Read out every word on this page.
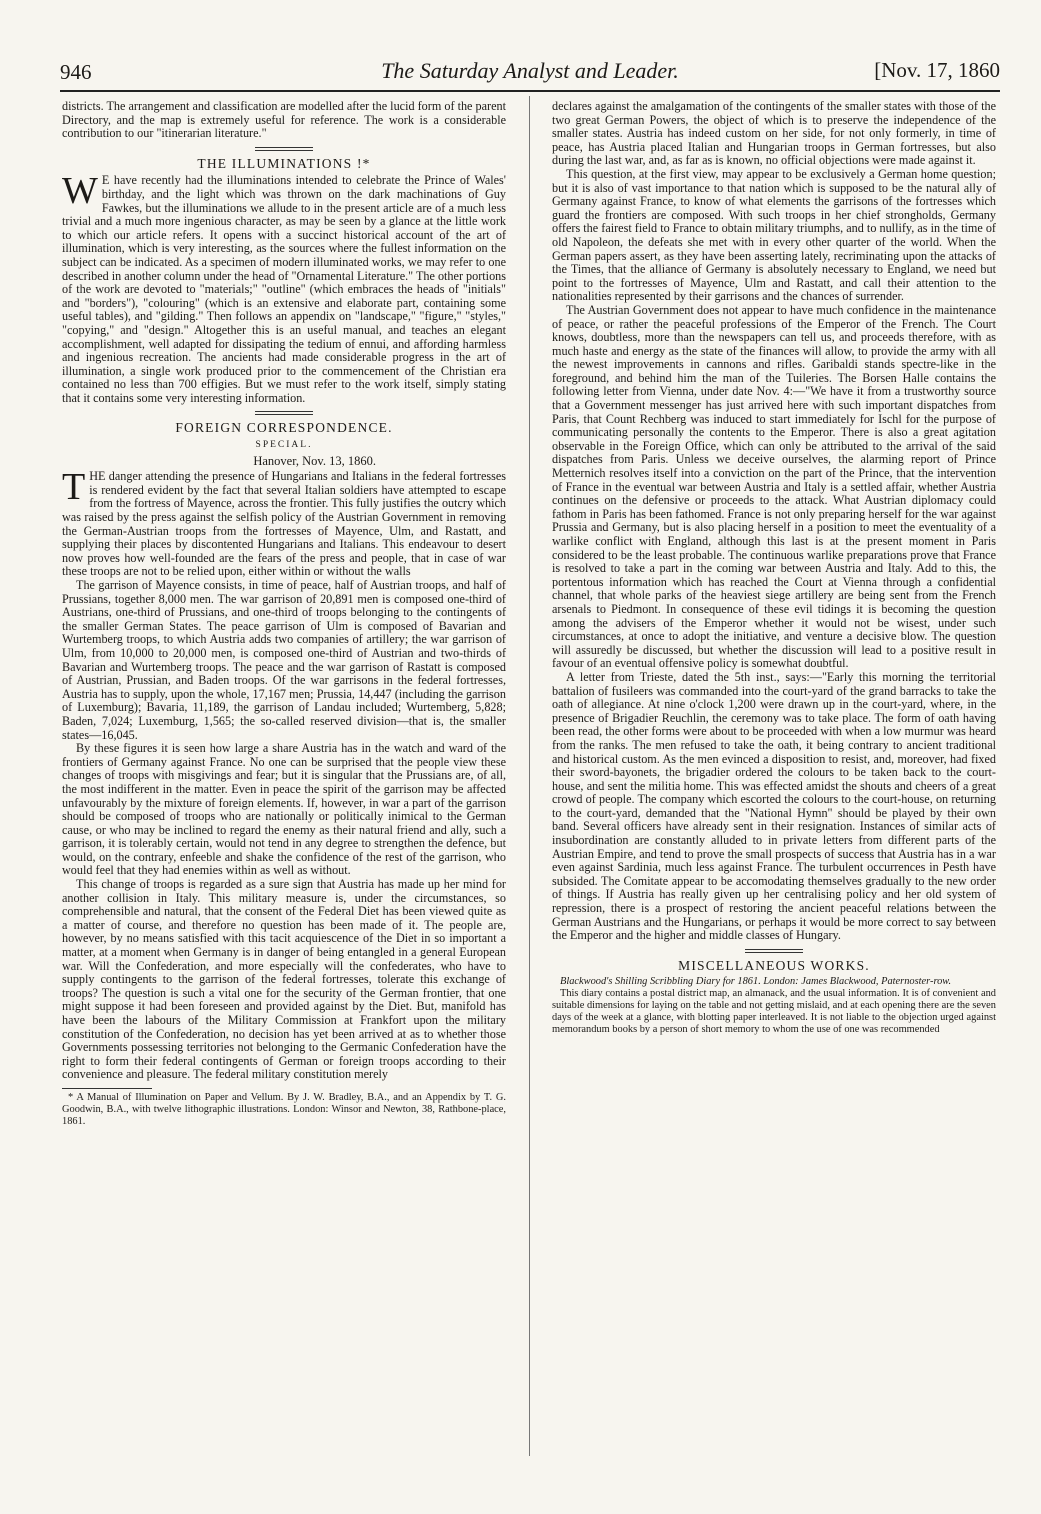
946	The Saturday Analyst and Leader.	[Nov. 17, 1860

districts. The arrangement and classification are modelled after the lucid form of the parent Directory, and the map is extremely useful for reference. The work is a considerable contribution to our "itinerarian literature."

THE ILLUMINATIONS !*

W E have recently had the illuminations intended to celebrate the Prince of Wales' birthday, and the light which was thrown on the dark machinations of Guy Fawkes, but the illuminations we allude to in the present article are of a much less trivial and a much more ingenious character, as may be seen by a glance at the little work to which our article refers. It opens with a succinct historical account of the art of illumination, which is very interesting, as the sources where the fullest information on the subject can be indicated. As a specimen of modern illuminated works, we may refer to one described in another column under the head of "Ornamental Literature." The other portions of the work are devoted to "materials;" "outline" (which embraces the heads of "initials" and "borders"), "colouring" (which is an extensive and elaborate part, containing some useful tables), and "gilding." Then follows an appendix on "landscape," "figure," "styles," "copying," and "design." Altogether this is an useful manual, and teaches an elegant accomplishment, well adapted for dissipating the tedium of ennui, and affording harmless and ingenious recreation. The ancients had made considerable progress in the art of illumination, a single work produced prior to the commencement of the Christian era contained no less than 700 effigies. But we must refer to the work itself, simply stating that it contains some very interesting information.

FOREIGN CORRESPONDENCE.
SPECIAL.
Hanover, Nov. 13, 1860.

THE danger attending the presence of Hungarians and Italians in the federal fortresses is rendered evident by the fact that several Italian soldiers have attempted to escape from the fortress of Mayence, across the frontier. This fully justifies the outcry which was raised by the press against the selfish policy of the Austrian Government in removing the German-Austrian troops from the fortresses of Mayence, Ulm, and Rastatt, and supplying their places by discontented Hungarians and Italians. This endeavour to desert now proves how well-founded are the fears of the press and people, that in case of war these troops are not to be relied upon, either within or without the walls

The garrison of Mayence consists, in time of peace, half of Austrian troops, and half of Prussians, together 8,000 men. The war garrison of 20,891 men is composed one-third of Austrians, one-third of Prussians, and one-third of troops belonging to the contingents of the smaller German States. The peace garrison of Ulm is composed of Bavarian and Wurtemberg troops, to which Austria adds two companies of artillery; the war garrison of Ulm, from 10,000 to 20,000 men, is composed one-third of Austrian and two-thirds of Bavarian and Wurtemberg troops. The peace and the war garrison of Rastatt is composed of Austrian, Prussian, and Baden troops. Of the war garrisons in the federal fortresses, Austria has to supply, upon the whole, 17,167 men; Prussia, 14,447 (including the garrison of Luxemburg); Bavaria, 11,189, the garrison of Landau included; Wurtemberg, 5,828; Baden, 7,024; Luxemburg, 1,565; the so-called reserved division—that is, the smaller states—16,045.

By these figures it is seen how large a share Austria has in the watch and ward of the frontiers of Germany against France. No one can be surprised that the people view these changes of troops with misgivings and fear; but it is singular that the Prussians are, of all, the most indifferent in the matter. Even in peace the spirit of the garrison may be affected unfavourably by the mixture of foreign elements. If, however, in war a part of the garrison should be composed of troops who are nationally or politically inimical to the German cause, or who may be inclined to regard the enemy as their natural friend and ally, such a garrison, it is tolerably certain, would not tend in any degree to strengthen the defence, but would, on the contrary, enfeeble and shake the confidence of the rest of the garrison, who would feel that they had enemies within as well as without.

This change of troops is regarded as a sure sign that Austria has made up her mind for another collision in Italy. This military measure is, under the circumstances, so comprehensible and natural, that the consent of the Federal Diet has been viewed quite as a matter of course, and therefore no question has been made of it. The people are, however, by no means satisfied with this tacit acquiescence of the Diet in so important a matter, at a moment when Germany is in danger of being entangled in a general European war. Will the Confederation, and more especially will the confederates, who have to supply contingents to the garrison of the federal fortresses, tolerate this exchange of troops? The question is such a vital one for the security of the German frontier, that one might suppose it had been foreseen and provided against by the Diet. But, manifold has have been the labours of the Military Commission at Frankfort upon the military constitution of the Confederation, no decision has yet been arrived at as to whether those Governments possessing territories not belonging to the Germanic Confederation have the right to form their federal contingents of German or foreign troops according to their convenience and pleasure. The federal military constitution merely

* A Manual of Illumination on Paper and Vellum. By J. W. Bradley, B.A., and an Appendix by T. G. Goodwin, B.A., with twelve lithographic illustrations. London: Winsor and Newton, 38, Rathbone-place, 1861.

declares against the amalgamation of the contingents of the smaller states with those of the two great German Powers, the object of which is to preserve the independence of the smaller states. Austria has indeed custom on her side, for not only formerly, in time of peace, has Austria placed Italian and Hungarian troops in German fortresses, but also during the last war, and, as far as is known, no official objections were made against it.

This question, at the first view, may appear to be exclusively a German home question; but it is also of vast importance to that nation which is supposed to be the natural ally of Germany against France, to know of what elements the garrisons of the fortresses which guard the frontiers are composed. With such troops in her chief strongholds, Germany offers the fairest field to France to obtain military triumphs, and to nullify, as in the time of old Napoleon, the defeats she met with in every other quarter of the world. When the German papers assert, as they have been asserting lately, recriminating upon the attacks of the Times, that the alliance of Germany is absolutely necessary to England, we need but point to the fortresses of Mayence, Ulm and Rastatt, and call their attention to the nationalities represented by their garrisons and the chances of surrender.

The Austrian Government does not appear to have much confidence in the maintenance of peace, or rather the peaceful professions of the Emperor of the French. The Court knows, doubtless, more than the newspapers can tell us, and proceeds therefore, with as much haste and energy as the state of the finances will allow, to provide the army with all the newest improvements in cannons and rifles. Garibaldi stands spectre-like in the foreground, and behind him the man of the Tuileries. The Borsen Halle contains the following letter from Vienna, under date Nov. 4:—"We have it from a trustworthy source that a Government messenger has just arrived here with such important dispatches from Paris, that Count Rechberg was induced to start immediately for Ischl for the purpose of communicating personally the contents to the Emperor. There is also a great agitation observable in the Foreign Office, which can only be attributed to the arrival of the said dispatches from Paris. Unless we deceive ourselves, the alarming report of Prince Metternich resolves itself into a conviction on the part of the Prince, that the intervention of France in the eventual war between Austria and Italy is a settled affair, whether Austria continues on the defensive or proceeds to the attack. What Austrian diplomacy could fathom in Paris has been fathomed. France is not only preparing herself for the war against Prussia and Germany, but is also placing herself in a position to meet the eventuality of a warlike conflict with England, although this last is at the present moment in Paris considered to be the least probable. The continuous warlike preparations prove that France is resolved to take a part in the coming war between Austria and Italy. Add to this, the portentous information which has reached the Court at Vienna through a confidential channel, that whole parks of the heaviest siege artillery are being sent from the French arsenals to Piedmont. In consequence of these evil tidings it is becoming the question among the advisers of the Emperor whether it would not be wisest, under such circumstances, at once to adopt the initiative, and venture a decisive blow. The question will assuredly be discussed, but whether the discussion will lead to a positive result in favour of an eventual offensive policy is somewhat doubtful.

A letter from Trieste, dated the 5th inst., says:—"Early this morning the territorial battalion of fusileers was commanded into the court-yard of the grand barracks to take the oath of allegiance. At nine o'clock 1,200 were drawn up in the court-yard, where, in the presence of Brigadier Reuchlin, the ceremony was to take place. The form of oath having been read, the other forms were about to be proceeded with when a low murmur was heard from the ranks. The men refused to take the oath, it being contrary to ancient traditional and historical custom. As the men evinced a disposition to resist, and, moreover, had fixed their sword-bayonets, the brigadier ordered the colours to be taken back to the court-house, and sent the militia home. This was effected amidst the shouts and cheers of a great crowd of people. The company which escorted the colours to the court-house, on returning to the court-yard, demanded that the "National Hymn" should be played by their own band. Several officers have already sent in their resignation. Instances of similar acts of insubordination are constantly alluded to in private letters from different parts of the Austrian Empire, and tend to prove the small prospects of success that Austria has in a war even against Sardinia, much less against France. The turbulent occurrences in Pesth have subsided. The Comitate appear to be accomodating themselves gradually to the new order of things. If Austria has really given up her centralising policy and her old system of repression, there is a prospect of restoring the ancient peaceful relations between the German Austrians and the Hungarians, or perhaps it would be more correct to say between the Emperor and the higher and middle classes of Hungary.

MISCELLANEOUS WORKS.

Blackwood's Shilling Scribbling Diary for 1861. London: James Blackwood, Paternoster-row.

This diary contains a postal district map, an almanack, and the usual information. It is of convenient and suitable dimensions for laying on the table and not getting mislaid, and at each opening there are the seven days of the week at a glance, with blotting paper interleaved. It is not liable to the objection urged against memorandum books by a person of short memory to whom the use of one was recommended
